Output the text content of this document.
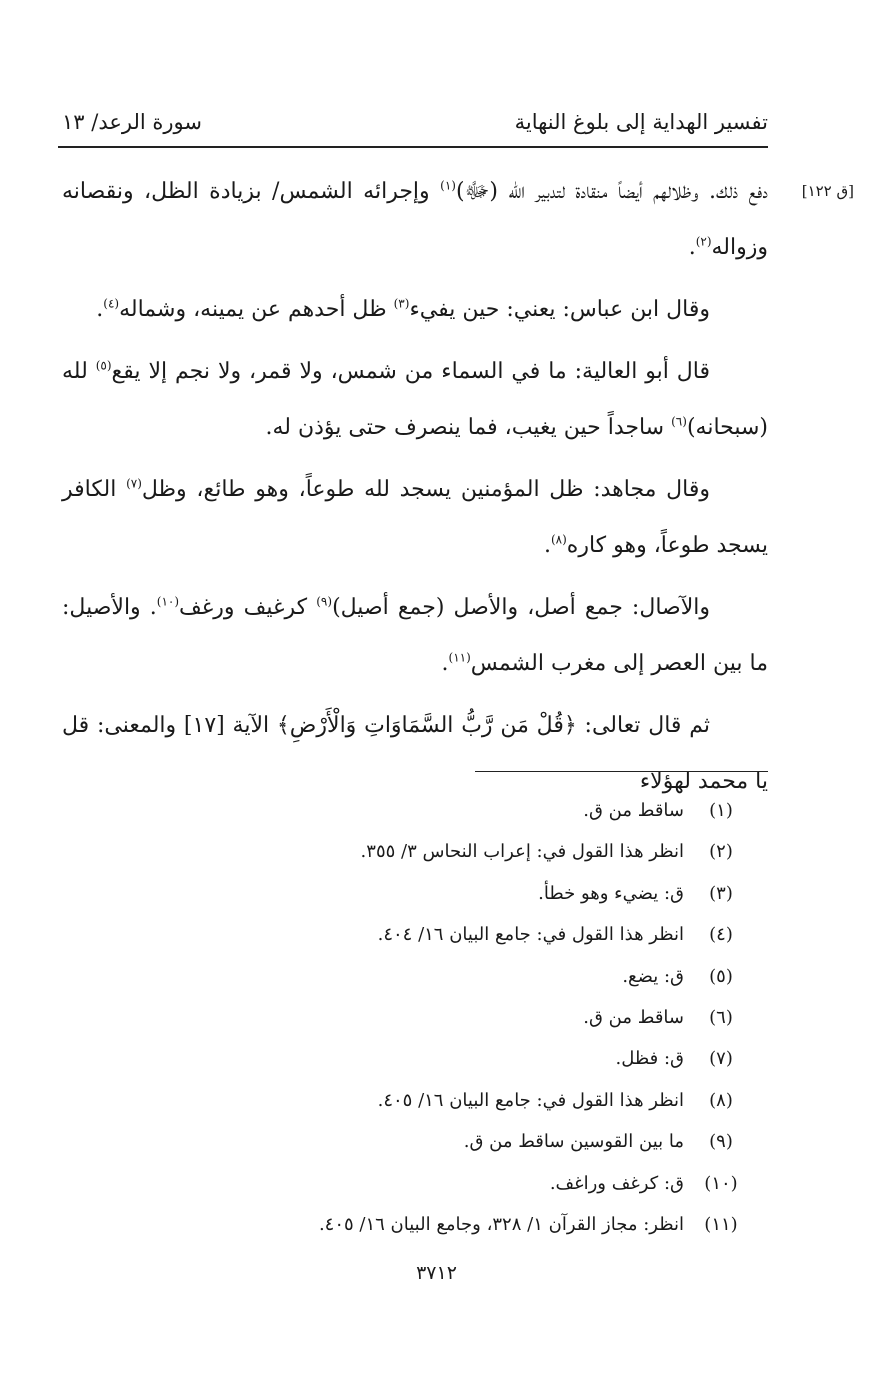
تفسير الهداية إلى بلوغ النهاية
سورة الرعد/ ١٣
[ق ١٢٢]

دفع ذلك. وظلالهم أيضاً منقادة لتدبير الله (ﷻ)$^{(١)}$ وإجرائه الشمس/ بزيادة الظل، ونقصانه وزواله$^{(٢)}$.

وقال ابن عباس: يعني: حين يفيء$^{(٣)}$ ظل أحدهم عن يمينه، وشماله$^{(٤)}$.

قال أبو العالية: ما في السماء من شمس، ولا قمر، ولا نجم إلا يقع$^{(٥)}$ لله (سبحانه)$^{(٦)}$ ساجداً حين يغيب، فما ينصرف حتى يؤذن له.

وقال مجاهد: ظل المؤمنين يسجد لله طوعاً، وهو طائع، وظل$^{(٧)}$ الكافر يسجد طوعاً، وهو كاره$^{(٨)}$.

والآصال: جمع أصل، والأصل (جمع أصيل)$^{(٩)}$ كرغيف ورغف$^{(١٠)}$. والأصيل: ما بين العصر إلى مغرب الشمس$^{(١١)}$.

ثم قال تعالى: ﴿قُلْ مَن رَّبُّ السَّمَاوَاتِ وَالْأَرْضِ﴾ الآية [١٧] والمعنى: قل يا محمد لهؤلاء

(١)
ساقط من ق.
(٢)
انظر هذا القول في: إعراب النحاس ٣/ ٣٥٥.
(٣)
ق: يضيء وهو خطأ.
(٤)
انظر هذا القول في: جامع البيان ١٦/ ٤٠٤.
(٥)
ق: يضع.
(٦)
ساقط من ق.
(٧)
ق: فظل.
(٨)
انظر هذا القول في: جامع البيان ١٦/ ٤٠٥.
(٩)
ما بين القوسين ساقط من ق.
(١٠)
ق: كرغف وراغف.
(١١)
انظر: مجاز القرآن ١/ ٣٢٨، وجامع البيان ١٦/ ٤٠٥.
٣٧١٢
